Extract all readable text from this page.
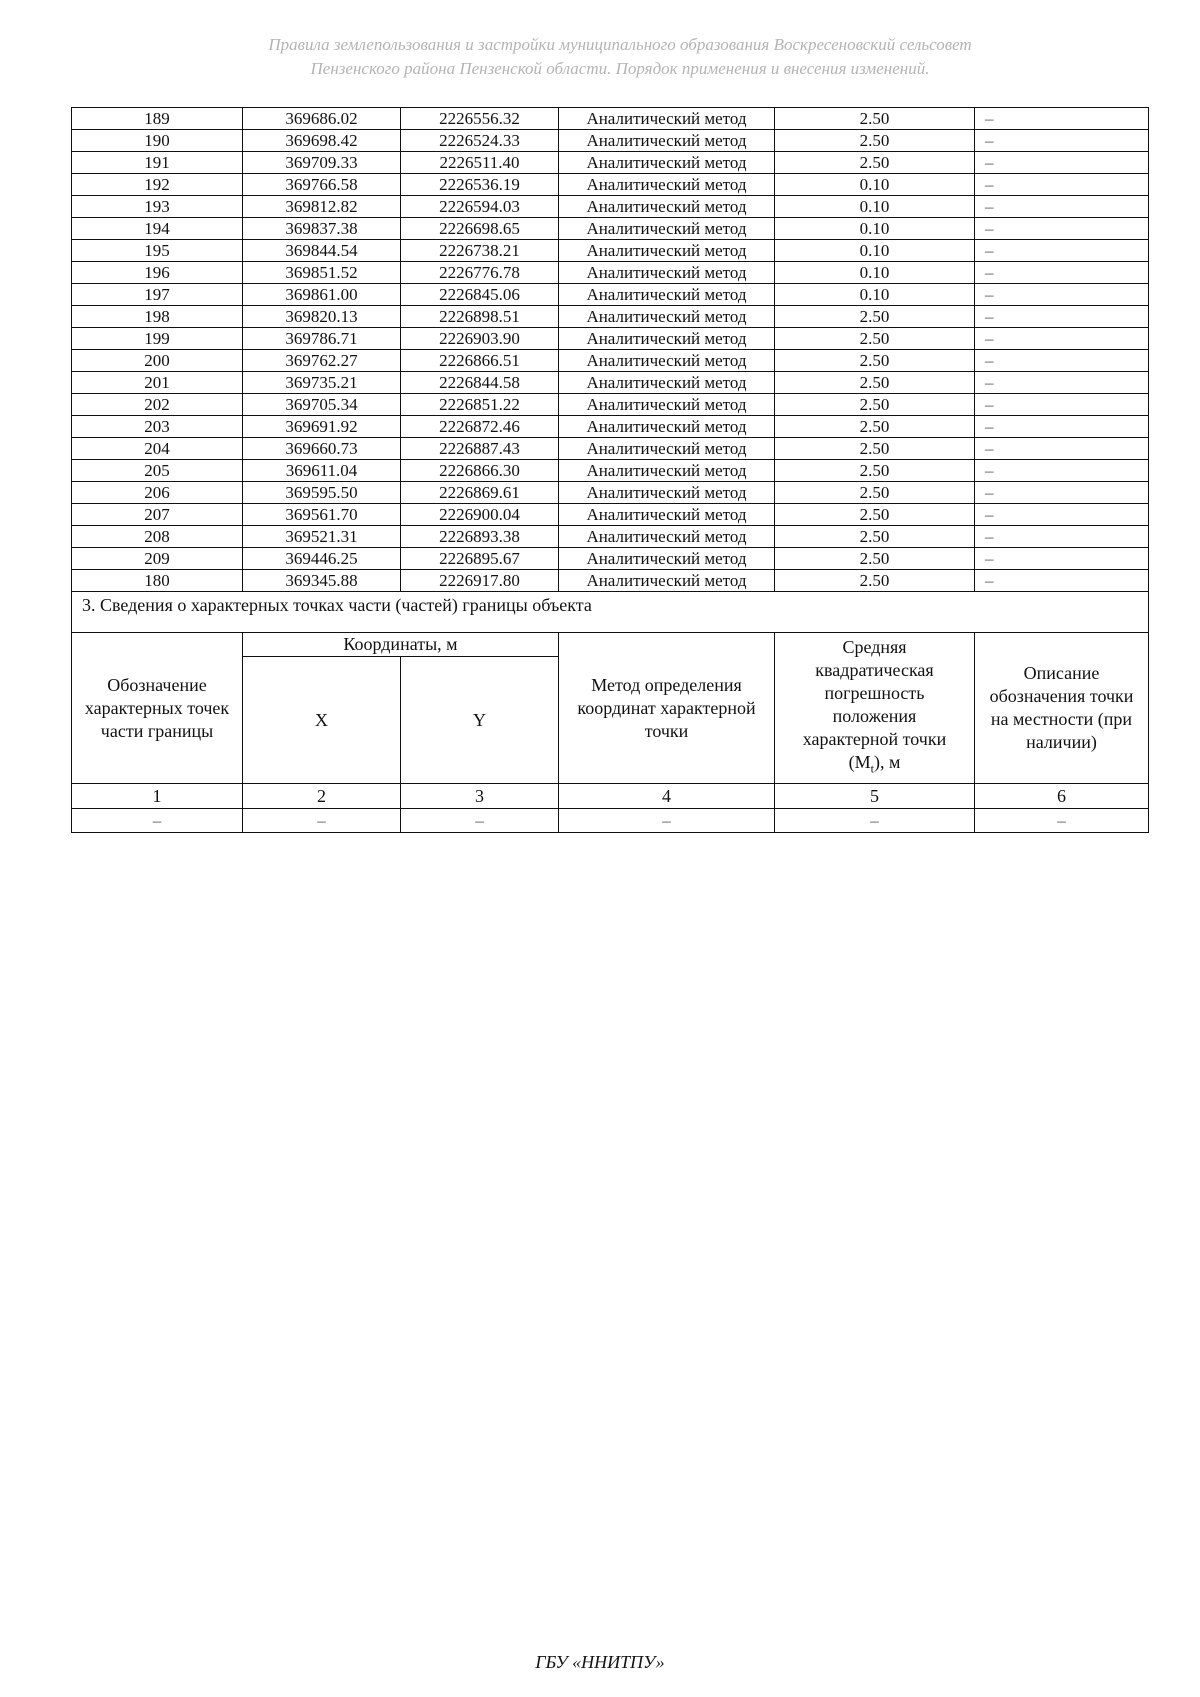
Правила землепользования и застройки муниципального образования Воскресеновский сельсовет
Пензенского района Пензенской области. Порядок применения и внесения изменений.
189	369686.02	2226556.32	Аналитический метод	2.50	–
190	369698.42	2226524.33	Аналитический метод	2.50	–
191	369709.33	2226511.40	Аналитический метод	2.50	–
192	369766.58	2226536.19	Аналитический метод	0.10	–
193	369812.82	2226594.03	Аналитический метод	0.10	–
194	369837.38	2226698.65	Аналитический метод	0.10	–
195	369844.54	2226738.21	Аналитический метод	0.10	–
196	369851.52	2226776.78	Аналитический метод	0.10	–
197	369861.00	2226845.06	Аналитический метод	0.10	–
198	369820.13	2226898.51	Аналитический метод	2.50	–
199	369786.71	2226903.90	Аналитический метод	2.50	–
200	369762.27	2226866.51	Аналитический метод	2.50	–
201	369735.21	2226844.58	Аналитический метод	2.50	–
202	369705.34	2226851.22	Аналитический метод	2.50	–
203	369691.92	2226872.46	Аналитический метод	2.50	–
204	369660.73	2226887.43	Аналитический метод	2.50	–
205	369611.04	2226866.30	Аналитический метод	2.50	–
206	369595.50	2226869.61	Аналитический метод	2.50	–
207	369561.70	2226900.04	Аналитический метод	2.50	–
208	369521.31	2226893.38	Аналитический метод	2.50	–
209	369446.25	2226895.67	Аналитический метод	2.50	–
180	369345.88	2226917.80	Аналитический метод	2.50	–
3. Сведения о характерных точках части (частей) границы объекта					
Обозначение характерных точек части границы	Координаты, м		Метод определения координат характерной точки	Средняя квадратическая погрешность положения характерной точки $(M_t)$, м	Описание обозначения точки на местности (при наличии)
	X	Y			
1	2	3	4	5	6
–	–	–	–	–	–
ГБУ «ННИТПУ»
